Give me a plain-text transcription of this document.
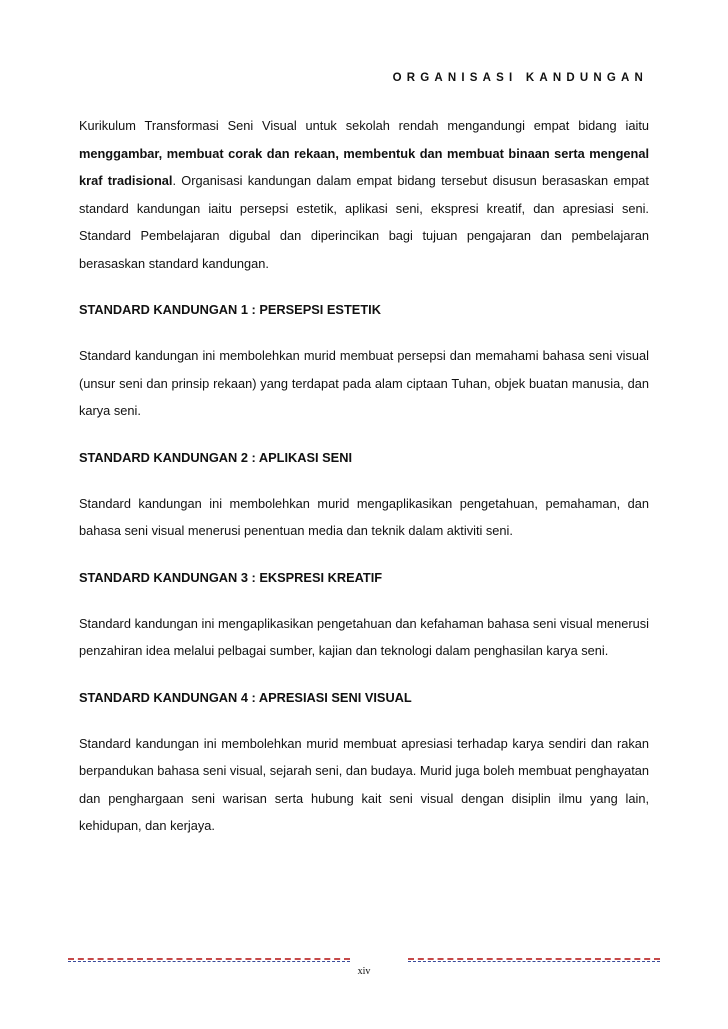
ORGANISASI KANDUNGAN

Kurikulum Transformasi Seni Visual untuk sekolah rendah mengandungi empat bidang iaitu menggambar, membuat corak dan rekaan, membentuk dan membuat binaan serta mengenal kraf tradisional. Organisasi kandungan dalam empat bidang tersebut disusun berasaskan empat standard kandungan iaitu persepsi estetik, aplikasi seni, ekspresi kreatif, dan apresiasi seni. Standard Pembelajaran digubal dan diperincikan bagi tujuan pengajaran dan pembelajaran berasaskan standard kandungan.

STANDARD KANDUNGAN 1 : PERSEPSI ESTETIK

Standard kandungan ini membolehkan murid membuat persepsi dan memahami bahasa seni visual (unsur seni dan prinsip rekaan) yang terdapat pada alam ciptaan Tuhan, objek buatan manusia, dan karya seni.

STANDARD KANDUNGAN 2 : APLIKASI SENI

Standard kandungan ini membolehkan murid mengaplikasikan pengetahuan, pemahaman, dan bahasa seni visual menerusi penentuan media dan teknik dalam aktiviti seni.

STANDARD KANDUNGAN 3 : EKSPRESI KREATIF

Standard kandungan ini mengaplikasikan pengetahuan dan kefahaman bahasa seni visual menerusi penzahiran idea melalui pelbagai sumber, kajian dan teknologi dalam penghasilan karya seni.

STANDARD KANDUNGAN 4 : APRESIASI SENI VISUAL

Standard kandungan ini membolehkan murid membuat apresiasi terhadap karya sendiri dan rakan berpandukan bahasa seni visual, sejarah seni, dan budaya. Murid juga boleh membuat penghayatan dan penghargaan seni warisan serta hubung kait seni visual dengan disiplin ilmu yang lain, kehidupan, dan kerjaya.

xiv
